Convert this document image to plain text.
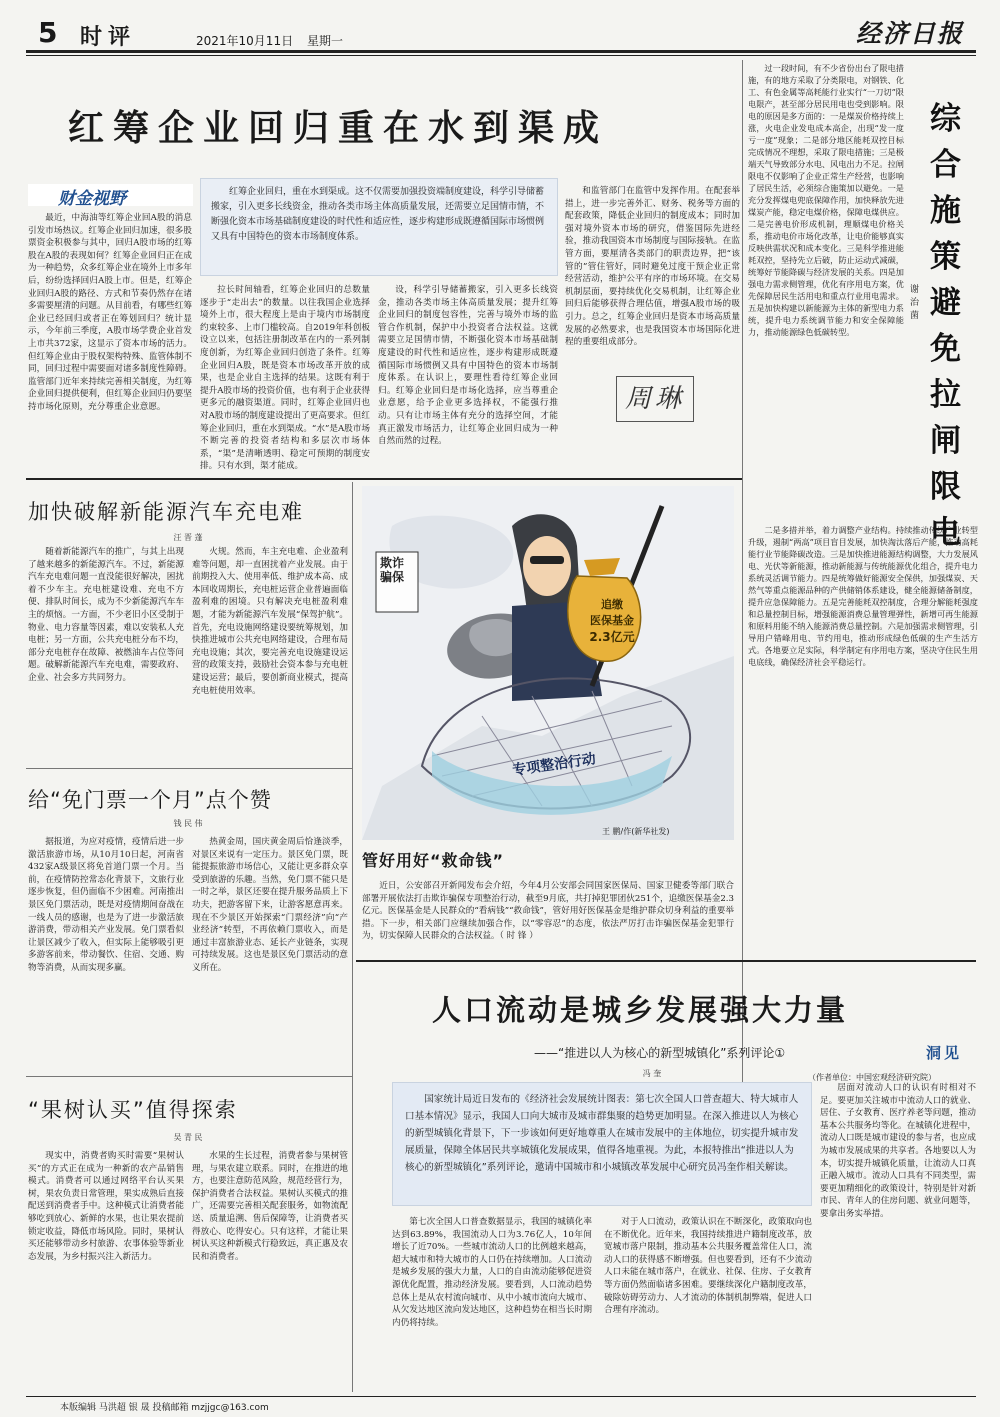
5 时评	2021年10月11日 星期一	经济日报
红筹企业回归重在水到渠成
财金视野	红筹企业回归，重在水到渠成。这不仅需要加强投资端制度建设，科学引导储蓄搬家，引入更多长线资金，推动各类市场主体高质量发展，还需要立足国情市情，不断强化资本市场基础制度建设的时代性和适应性，逐步构建形成既遵循国际市场惯例又具有中国特色的资本市场制度体系。

最近，中海油等红筹企业回A股的消息引发市场热议。红筹企业回归加速，很多股票资金积极参与其中，回归A股市场的红筹股在A股的表现如何？红筹企业回归正在成为一种趋势，众多红筹企业在境外上市多年后，纷纷选择回归A股上市。但是，红筹企业回归A股的路径、方式和节奏仍然存在诸多需要厘清的问题。从目前看，有哪些红筹企业已经回归或者正在筹划回归？统计显示，今年前三季度，A股市场学费企业首发上市共372家，这显示了资本市场的活力。但红筹企业由于股权架构特殊、监管体制不同，回归过程中需要面对诸多制度性障碍。监管部门近年来持续完善相关制度，为红筹企业回归提供便利，但红筹企业回归仍要坚持市场化原则，充分尊重企业意愿。

拉长时间轴看，红筹企业回归的总数量逐步于“走出去”的数量。以往我国企业选择境外上市，很大程度上是由于境内市场制度约束较多、上市门槛较高。自2019年科创板设立以来，包括注册制改革在内的一系列制度创新，为红筹企业回归创造了条件。红筹企业回归A股，既是资本市场改革开放的成果，也是企业自主选择的结果。这既有利于提升A股市场的投资价值，也有利于企业获得更多元的融资渠道。同时，红筹企业回归也对A股市场的制度建设提出了更高要求。但红筹企业回归，重在水到渠成。“水”是A股市场不断完善的投资者结构和多层次市场体系，“渠”是清晰透明、稳定可预期的制度安排。只有水到，渠才能成。

设，科学引导储蓄搬家，引入更多长线资金，推动各类市场主体高质量发展；提升红筹企业回归的制度包容性，完善与境外市场的监管合作机制，保护中小投资者合法权益。这就需要立足国情市情，不断强化资本市场基础制度建设的时代性和适应性，逐步构建形成既遵循国际市场惯例又具有中国特色的资本市场制度体系。在认识上，要理性看待红筹企业回归。红筹企业回归是市场化选择，应当尊重企业意愿，给予企业更多选择权，不能强行推动。只有让市场主体有充分的选择空间，才能真正激发市场活力，让红筹企业回归成为一种自然而然的过程。

和监管部门在监管中发挥作用。在配套举措上，进一步完善外汇、财务、税务等方面的配套政策，降低企业回归的制度成本；同时加强对境外资本市场的研究，借鉴国际先进经验，推动我国资本市场制度与国际接轨。在监管方面，要厘清各类部门的职责边界，把“该管的”管住管好，同时避免过度干预企业正常经营活动，维护公平有序的市场环境。在交易机制层面，要持续优化交易机制，让红筹企业回归后能够获得合理估值，增强A股市场的吸引力。总之，红筹企业回归是资本市场高质量发展的必然要求，也是我国资本市场国际化进程的重要组成部分。

周琳

过一段时间，有不少省份出台了限电措施，有的地方采取了分类限电，对钢铁、化工、有色金属等高耗能行业实行“一刀切”限电限产，甚至部分居民用电也受到影响。限电的原因是多方面的：一是煤炭价格持续上涨，火电企业发电成本高企，出现“发一度亏一度”现象；二是部分地区能耗双控目标完成情况不理想，采取了限电措施；三是极端天气导致部分水电、风电出力不足。拉闸限电不仅影响了企业正常生产经营，也影响了居民生活，必须综合施策加以避免。一是充分发挥煤电兜底保障作用，加快释放先进煤炭产能，稳定电煤价格，保障电煤供应。二是完善电价形成机制，理顺煤电价格关系，推动电价市场化改革，让电价能够真实反映供需状况和成本变化。三是科学推进能耗双控，坚持先立后破，防止运动式减碳，统筹好节能降碳与经济发展的关系。四是加强电力需求侧管理，优化有序用电方案，优先保障居民生活用电和重点行业用电需求。五是加快构建以新能源为主体的新型电力系统，提升电力系统调节能力和安全保障能力，推动能源绿色低碳转型。

综合施策避免拉闸限电
谢 治 菌

二是多措并举，着力调整产业结构。持续推动传统产业转型升级，遏制“两高”项目盲目发展，加快淘汰落后产能，推动高耗能行业节能降碳改造。三是加快推进能源结构调整，大力发展风电、光伏等新能源，推动新能源与传统能源优化组合，提升电力系统灵活调节能力。四是统筹做好能源安全保供，加强煤炭、天然气等重点能源品种的产供储销体系建设，健全能源储备制度，提升应急保障能力。五是完善能耗双控制度，合理分解能耗强度和总量控制目标，增强能源消费总量管理弹性，新增可再生能源和原料用能不纳入能源消费总量控制。六是加强需求侧管理，引导用户错峰用电、节约用电，推动形成绿色低碳的生产生活方式。各地要立足实际，科学制定有序用电方案，坚决守住民生用电底线，确保经济社会平稳运行。

洞见
（作者单位：中国宏观经济研究院）
加快破解新能源汽车充电难
汪 晋 蓬

随着新能源汽车的推广，与其上出现了越来越多的新能源汽车。不过，新能源汽车充电难问题一直没能很好解决，困扰着不少车主。充电桩建设难、充电不方便、排队时间长，成为不少新能源汽车车主的烦恼。一方面，不少老旧小区受制于物业、电力容量等因素，难以安装私人充电桩；另一方面，公共充电桩分布不均，部分充电桩存在故障、被燃油车占位等问题。破解新能源汽车充电难，需要政府、企业、社会多方共同努力。

火规。然而，车主充电难、企业盈利难等问题，却一直困扰着产业发展。由于前期投入大、使用率低、维护成本高、成本回收周期长，充电桩运营企业普遍面临盈利难的困境。只有解决充电桩盈利难题，才能为新能源汽车发展“保驾护航”。首先，充电设施网络建设要统筹规划，加快推进城市公共充电网络建设，合理布局充电设施；其次，要完善充电设施建设运营的政策支持，鼓励社会资本参与充电桩建设运营；最后，要创新商业模式，提高充电桩使用效率。

给“免门票一个月”点个赞
钱 民 伟

据报道，为应对疫情，疫情后进一步激活旅游市场，从10月10日起，河南省432家A级景区将免首道门票一个月。当前，在疫情防控常态化背景下，文旅行业逐步恢复，但仍面临不少困难。河南推出景区免门票活动，既是对疫情期间奋战在一线人员的感谢，也是为了进一步激活旅游消费，带动相关产业发展。免门票看似让景区减少了收入，但实际上能够吸引更多游客前来，带动餐饮、住宿、交通、购物等消费，从而实现多赢。

热黄金周，国庆黄金周后恰逢淡季，对景区来说有一定压力。景区免门票，既能提振旅游市场信心，又能让更多群众享受到旅游的乐趣。当然，免门票不能只是一时之举，景区还要在提升服务品质上下功夫，把游客留下来，让游客愿意再来。现在不少景区开始探索“门票经济”向“产业经济”转型，不再依赖门票收入，而是通过丰富旅游业态、延长产业链条，实现可持续发展。这也是景区免门票活动的意义所在。

“果树认买”值得探索
吴 青 民

现实中，消费者购买时需要“果树认买”的方式正在成为一种新的农产品销售模式。消费者可以通过网络平台认买果树，果农负责日常管理，果实成熟后直接配送到消费者手中。这种模式让消费者能够吃到放心、新鲜的水果，也让果农提前锁定收益，降低市场风险。同时，果树认买还能够带动乡村旅游、农事体验等新业态发展，为乡村振兴注入新活力。

水果的生长过程，消费者参与果树管理，与果农建立联系。同时，在推进的地方，也要注意防范风险，规范经营行为，保护消费者合法权益。果树认买模式的推广，还需要完善相关配套服务，如物流配送、质量追溯、售后保障等，让消费者买得放心、吃得安心。只有这样，才能让果树认买这种新模式行稳致远，真正惠及农民和消费者。

欺诈骗保
追缴
医保基金
2.3亿元
专项整治行动
王 鹏/作(新华社发)
管好用好“救命钱”

近日，公安部召开新闻发布会介绍，今年4月公安部会同国家医保局、国家卫健委等部门联合部署开展依法打击欺诈骗保专项整治行动，截至9月底，共打掉犯罪团伙251个，追缴医保基金2.3亿元。医保基金是人民群众的“看病钱”“救命钱”，管好用好医保基金是维护群众切身利益的重要举措。下一步，相关部门应继续加强合作，以“零容忍”的态度，依法严厉打击诈骗医保基金犯罪行为，切实保障人民群众的合法权益。（ 时 锋 ）

人口流动是城乡发展强大力量
——“推进以人为核心的新型城镇化”系列评论①
冯 奎

国家统计局近日发布的《经济社会发展统计图表：第七次全国人口普查超大、特大城市人口基本情况》显示，我国人口向大城市及城市群集聚的趋势更加明显。在深入推进以人为核心的新型城镇化背景下，下一步该如何更好地尊重人在城市发展中的主体地位，切实提升城市发展质量，保障全体居民共享城镇化发展成果，值得各地重视。为此，本报特推出“推进以人为核心的新型城镇化”系列评论，邀请中国城市和小城镇改革发展中心研究员冯奎作相关解读。

居面对流动人口的认识有时相对不足。要更加关注城市中流动人口的就业、居住、子女教育、医疗养老等问题，推动基本公共服务均等化。在城镇化进程中，流动人口既是城市建设的参与者，也应成为城市发展成果的共享者。各地要以人为本，切实提升城镇化质量，让流动人口真正融入城市。流动人口具有不同类型，需要更加精细化的政策设计，特别是针对新市民、青年人的住房问题、就业问题等，要拿出务实举措。

第七次全国人口普查数据显示，我国的城镇化率达到63.89%，我国流动人口为3.76亿人，10年间增长了近70%。一些城市流动人口的比例越来越高，超大城市和特大城市的人口仍在持续增加。人口流动是城乡发展的强大力量，人口的自由流动能够促进资源优化配置，推动经济发展。要看到，人口流动趋势总体上是从农村流向城市、从中小城市流向大城市、从欠发达地区流向发达地区，这种趋势在相当长时期内仍将持续。

对于人口流动，政策认识在不断深化，政策取向也在不断优化。近年来，我国持续推进户籍制度改革，放宽城市落户限制，推动基本公共服务覆盖常住人口，流动人口的获得感不断增强。但也要看到，还有不少流动人口未能在城市落户，在就业、社保、住房、子女教育等方面仍然面临诸多困难。要继续深化户籍制度改革，破除妨碍劳动力、人才流动的体制机制弊端，促进人口合理有序流动。

本版编辑 马洪超 银 晟 投稿邮箱 mzjjgc@163.com
